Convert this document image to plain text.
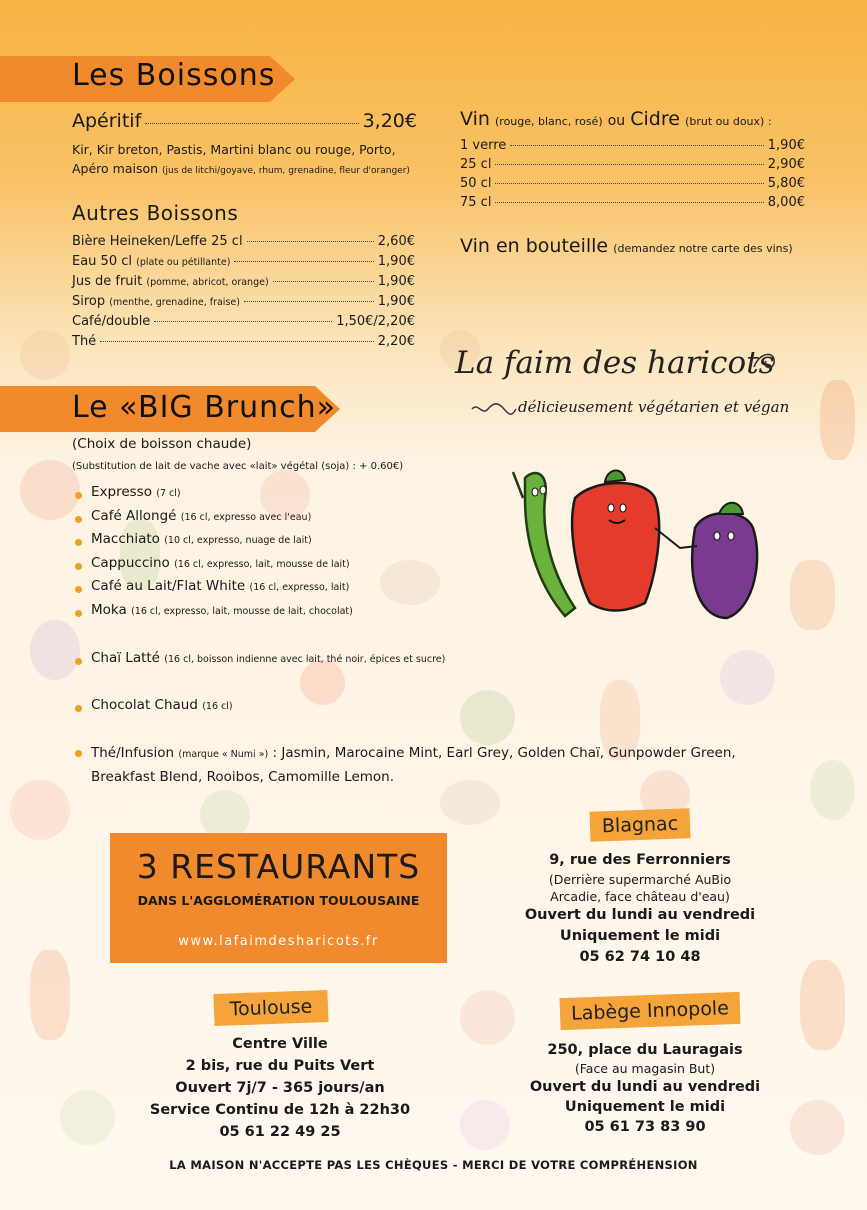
Les Boissons
Apéritif	3,20€
Kir, Kir breton, Pastis, Martini blanc ou rouge, Porto,
Apéro maison (jus de litchi/goyave, rhum, grenadine, fleur d'oranger)
Autres Boissons
Bière Heineken/Leffe 25 cl	2,60€
Eau 50 cl (plate ou pétillante)	1,90€
Jus de fruit (pomme, abricot, orange)	1,90€
Sirop (menthe, grenadine, fraise)	1,90€
Café/double	1,50€/2,20€
Thé	2,20€
Vin (rouge, blanc, rosé) ou Cidre (brut ou doux) :
1 verre	1,90€
25 cl	2,90€
50 cl	5,80€
75 cl	8,00€
Vin en bouteille (demandez notre carte des vins)
La faim des haricots
délicieusement végétarien et végan
Le «BIG Brunch»
(Choix de boisson chaude)
(Substitution de lait de vache avec «lait» végétal (soja) : + 0.60€)
Expresso (7 cl)
Café Allongé (16 cl, expresso avec l'eau)
Macchiato (10 cl, expresso, nuage de lait)
Cappuccino (16 cl, expresso, lait, mousse de lait)
Café au Lait/Flat White (16 cl, expresso, lait)
Moka (16 cl, expresso, lait, mousse de lait, chocolat)
Chaï Latté (16 cl, boisson indienne avec lait, thé noir, épices et sucre)
Chocolat Chaud (16 cl)
Thé/Infusion (marque « Numi ») : Jasmin, Marocaine Mint, Earl Grey, Golden Chaï, Gunpowder Green,
Breakfast Blend, Rooibos, Camomille Lemon.
3 RESTAURANTS
DANS L'AGGLOMÉRATION TOULOUSAINE
www.lafaimdesharicots.fr
Blagnac
9, rue des Ferronniers
(Derrière supermarché AuBio
Arcadie, face château d'eau)
Ouvert du lundi au vendredi
Uniquement le midi
05 62 74 10 48
Toulouse
Centre Ville
2 bis, rue du Puits Vert
Ouvert 7j/7 - 365 jours/an
Service Continu de 12h à 22h30
05 61 22 49 25
Labège Innopole
250, place du Lauragais
(Face au magasin But)
Ouvert du lundi au vendredi
Uniquement le midi
05 61 73 83 90
LA MAISON N'ACCEPTE PAS LES CHÈQUES - MERCI DE VOTRE COMPRÉHENSION
